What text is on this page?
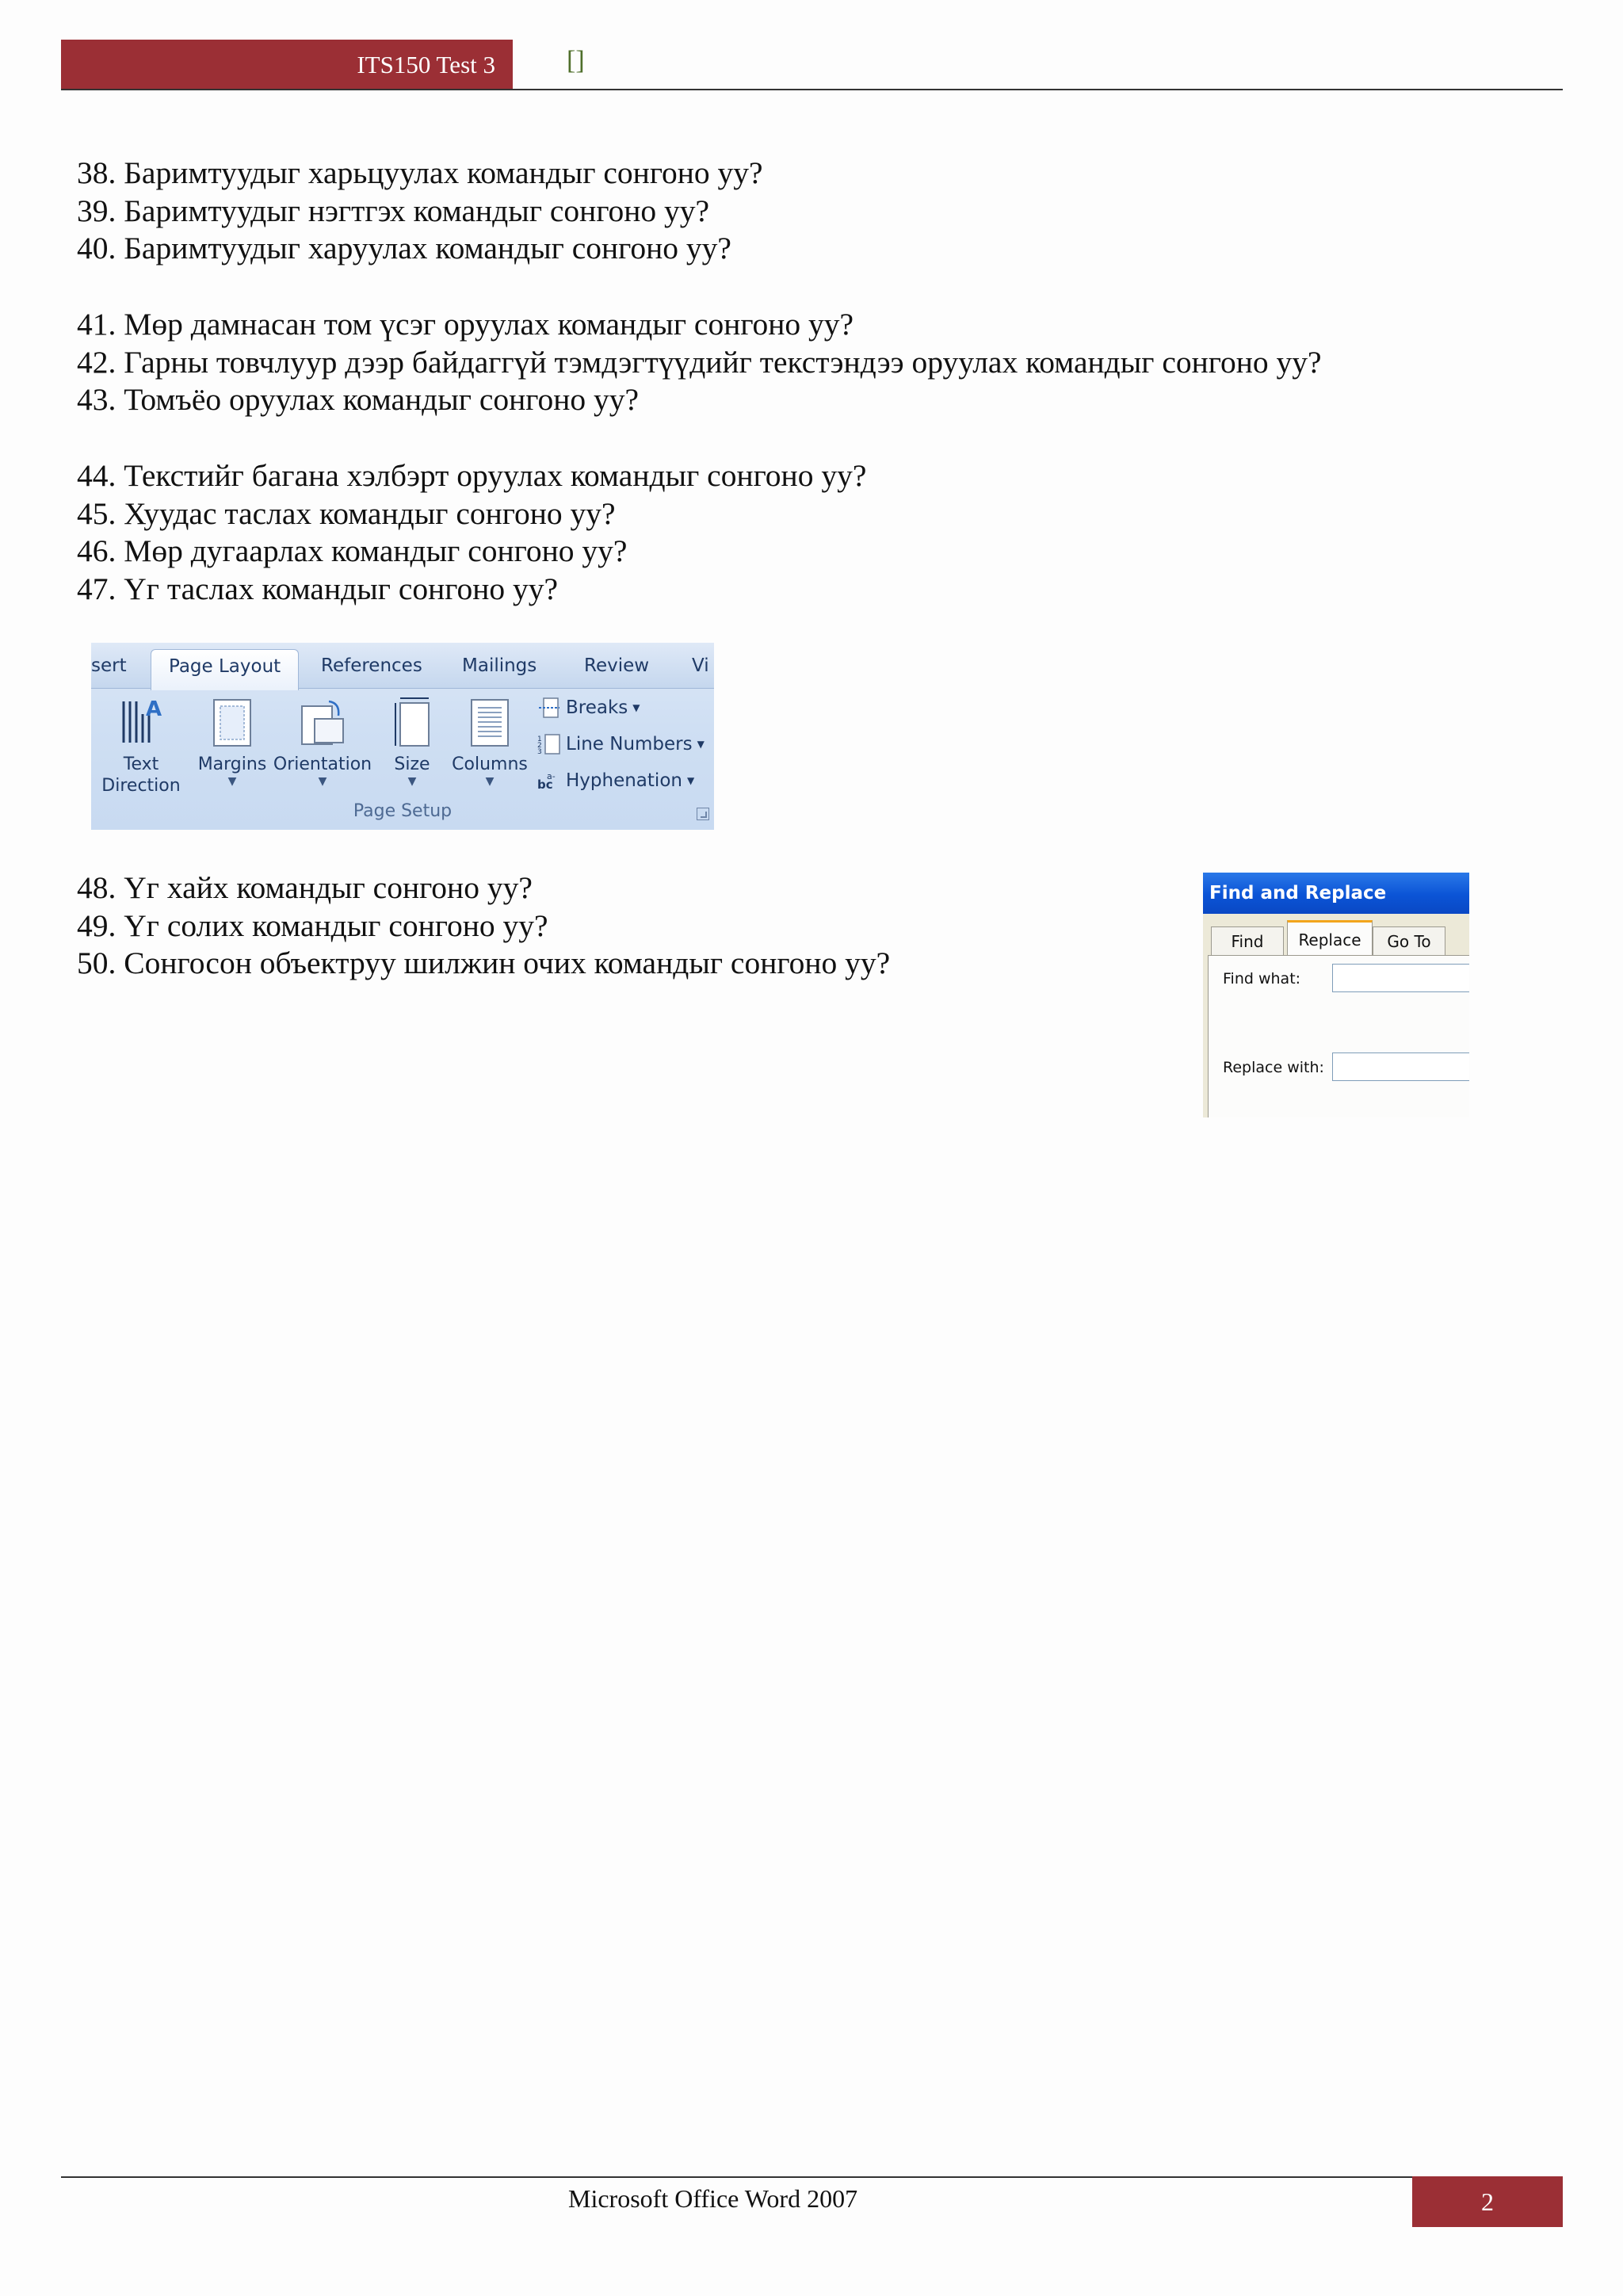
ITS150 Test 3	[]
38. Баримтуудыг харьцуулах командыг сонгоно уу?
39. Баримтуудыг нэгтгэх командыг сонгоно уу?
40. Баримтуудыг харуулах командыг сонгоно уу?
41. Мөр дамнасан том үсэг оруулах командыг сонгоно уу?
42. Гарны товчлуур дээр байдаггүй тэмдэгтүүдийг текстэндээ оруулах командыг сонгоно уу?
43. Томъёо оруулах командыг сонгоно уу?
44. Текстийг багана хэлбэрт оруулах командыг сонгоно уу?
45. Хуудас таслах командыг сонгоно уу?
46. Мөр дугаарлах командыг сонгоно уу?
47. Үг таслах командыг сонгоно уу?
sert	Page Layout	References Mailings	Review Vi
A
Text
Direction
Margins
▼
Orientation
▼
Size
▼
Columns
▼
Breaks ▼
1
2
3 Line Numbers ▼
bc
a- Hyphenation ▼
Page Setup
48. Үг хайх командыг сонгоно уу?
49. Үг солих командыг сонгоно уу?
50. Сонгосон объектруу шилжин очих командыг сонгоно уу?
Find and Replace
Find	Replace	Go To
Find what:
Replace with:
Microsoft Office Word 2007	2
